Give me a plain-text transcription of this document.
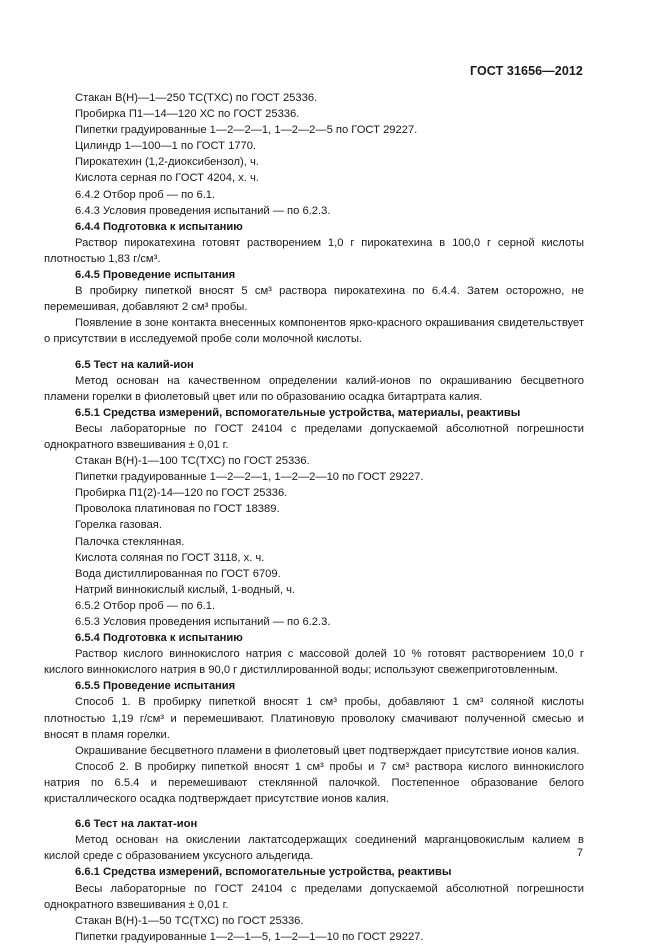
ГОСТ 31656—2012

Стакан В(Н)—1—250 ТС(ТХС) по ГОСТ 25336.

Пробирка П1—14—120 ХС по ГОСТ 25336.

Пипетки градуированные 1—2—2—1, 1—2—2—5 по ГОСТ 29227.

Цилиндр 1—100—1 по ГОСТ 1770.

Пирокатехин (1,2-диоксибензол), ч.

Кислота серная по ГОСТ 4204, х. ч.

6.4.2 Отбор проб — по 6.1.

6.4.3 Условия проведения испытаний — по 6.2.3.

6.4.4 Подготовка к испытанию

Раствор пирокатехина готовят растворением 1,0 г пирокатехина в 100,0 г серной кислоты плотностью 1,83 г/см³.

6.4.5 Проведение испытания

В пробирку пипеткой вносят 5 см³ раствора пирокатехина по 6.4.4. Затем осторожно, не перемешивая, добавляют 2 см³ пробы.

Появление в зоне контакта внесенных компонентов ярко-красного окрашивания свидетельствует о присутствии в исследуемой пробе соли молочной кислоты.

6.5 Тест на калий-ион

Метод основан на качественном определении калий-ионов по окрашиванию бесцветного пламени горелки в фиолетовый цвет или по образованию осадка битартрата калия.

6.5.1 Средства измерений, вспомогательные устройства, материалы, реактивы

Весы лабораторные по ГОСТ 24104 с пределами допускаемой абсолютной погрешности однократного взвешивания ± 0,01 г.

Стакан В(Н)-1—100 ТС(ТХС) по ГОСТ 25336.

Пипетки градуированные 1—2—2—1, 1—2—2—10 по ГОСТ 29227.

Пробирка П1(2)-14—120 по ГОСТ 25336.

Проволока платиновая по ГОСТ 18389.

Горелка газовая.

Палочка стеклянная.

Кислота соляная по ГОСТ 3118, х. ч.

Вода дистиллированная по ГОСТ 6709.

Натрий виннокислый кислый, 1-водный, ч.

6.5.2 Отбор проб — по 6.1.

6.5.3 Условия проведения испытаний — по 6.2.3.

6.5.4 Подготовка к испытанию

Раствор кислого виннокислого натрия с массовой долей 10 % готовят растворением 10,0 г кислого виннокислого натрия в 90,0 г дистиллированной воды; используют свежеприготовленным.

6.5.5 Проведение испытания

Способ 1. В пробирку пипеткой вносят 1 см³ пробы, добавляют 1 см³ соляной кислоты плотностью 1,19 г/см³ и перемешивают. Платиновую проволоку смачивают полученной смесью и вносят в пламя горелки.

Окрашивание бесцветного пламени в фиолетовый цвет подтверждает присутствие ионов калия.

Способ 2. В пробирку пипеткой вносят 1 см³ пробы и 7 см³ раствора кислого виннокислого натрия по 6.5.4 и перемешивают стеклянной палочкой. Постепенное образование белого кристаллического осадка подтверждает присутствие ионов калия.

6.6 Тест на лактат-ион

Метод основан на окислении лактатсодержащих соединений марганцовокислым калием в кислой среде с образованием уксусного альдегида.

6.6.1 Средства измерений, вспомогательные устройства, реактивы

Весы лабораторные по ГОСТ 24104 с пределами допускаемой абсолютной погрешности однократного взвешивания ± 0,01 г.

Стакан В(Н)-1—50 ТС(ТХС) по ГОСТ 25336.

Пипетки градуированные 1—2—1—5, 1—2—1—10 по ГОСТ 29227.

7
